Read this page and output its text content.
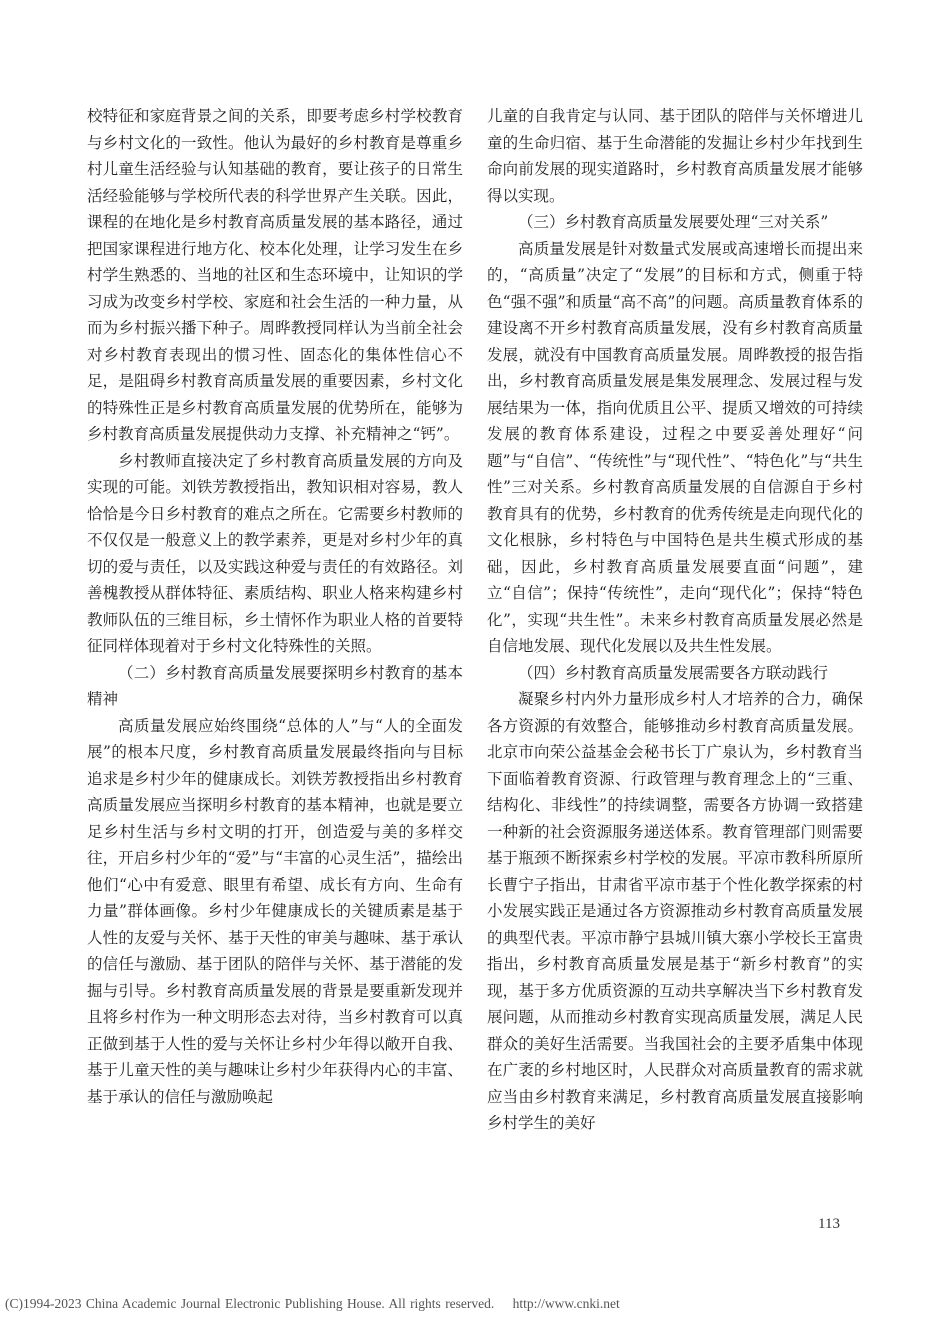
校特征和家庭背景之间的关系，即要考虑乡村学校教育与乡村文化的一致性。他认为最好的乡村教育是尊重乡村儿童生活经验与认知基础的教育，要让孩子的日常生活经验能够与学校所代表的科学世界产生关联。因此，课程的在地化是乡村教育高质量发展的基本路径，通过把国家课程进行地方化、校本化处理，让学习发生在乡村学生熟悉的、当地的社区和生态环境中，让知识的学习成为改变乡村学校、家庭和社会生活的一种力量，从而为乡村振兴播下种子。周晔教授同样认为当前全社会对乡村教育表现出的惯习性、固态化的集体性信心不足，是阻碍乡村教育高质量发展的重要因素，乡村文化的特殊性正是乡村教育高质量发展的优势所在，能够为乡村教育高质量发展提供动力支撑、补充精神之“钙”。

乡村教师直接决定了乡村教育高质量发展的方向及实现的可能。刘铁芳教授指出，教知识相对容易，教人恰恰是今日乡村教育的难点之所在。它需要乡村教师的不仅仅是一般意义上的教学素养，更是对乡村少年的真切的爱与责任，以及实践这种爱与责任的有效路径。刘善槐教授从群体特征、素质结构、职业人格来构建乡村教师队伍的三维目标，乡土情怀作为职业人格的首要特征同样体现着对于乡村文化特殊性的关照。

（二）乡村教育高质量发展要探明乡村教育的基本精神

高质量发展应始终围绕“总体的人”与“人的全面发展”的根本尺度，乡村教育高质量发展最终指向与目标追求是乡村少年的健康成长。刘铁芳教授指出乡村教育高质量发展应当探明乡村教育的基本精神，也就是要立足乡村生活与乡村文明的打开，创造爱与美的多样交往，开启乡村少年的“爱”与“丰富的心灵生活”，描绘出他们“心中有爱意、眼里有希望、成长有方向、生命有力量”群体画像。乡村少年健康成长的关键质素是基于人性的友爱与关怀、基于天性的审美与趣味、基于承认的信任与激励、基于团队的陪伴与关怀、基于潜能的发掘与引导。乡村教育高质量发展的背景是要重新发现并且将乡村作为一种文明形态去对待，当乡村教育可以真正做到基于人性的爱与关怀让乡村少年得以敞开自我、基于儿童天性的美与趣味让乡村少年获得内心的丰富、基于承认的信任与激励唤起

儿童的自我肯定与认同、基于团队的陪伴与关怀增进儿童的生命归宿、基于生命潜能的发掘让乡村少年找到生命向前发展的现实道路时，乡村教育高质量发展才能够得以实现。

（三）乡村教育高质量发展要处理“三对关系”

高质量发展是针对数量式发展或高速增长而提出来的，“高质量”决定了“发展”的目标和方式，侧重于特色“强不强”和质量“高不高”的问题。高质量教育体系的建设离不开乡村教育高质量发展，没有乡村教育高质量发展，就没有中国教育高质量发展。周晔教授的报告指出，乡村教育高质量发展是集发展理念、发展过程与发展结果为一体，指向优质且公平、提质又增效的可持续发展的教育体系建设，过程之中要妥善处理好“问题”与“自信”、“传统性”与“现代性”、“特色化”与“共生性”三对关系。乡村教育高质量发展的自信源自于乡村教育具有的优势，乡村教育的优秀传统是走向现代化的文化根脉，乡村特色与中国特色是共生模式形成的基础，因此，乡村教育高质量发展要直面“问题”，建立“自信”；保持“传统性”，走向“现代化”；保持“特色化”，实现“共生性”。未来乡村教育高质量发展必然是自信地发展、现代化发展以及共生性发展。

（四）乡村教育高质量发展需要各方联动践行

凝聚乡村内外力量形成乡村人才培养的合力，确保各方资源的有效整合，能够推动乡村教育高质量发展。北京市向荣公益基金会秘书长丁广泉认为，乡村教育当下面临着教育资源、行政管理与教育理念上的“三重、结构化、非线性”的持续调整，需要各方协调一致搭建一种新的社会资源服务递送体系。教育管理部门则需要基于瓶颈不断探索乡村学校的发展。平凉市教科所原所长曹宁子指出，甘肃省平凉市基于个性化教学探索的村小发展实践正是通过各方资源推动乡村教育高质量发展的典型代表。平凉市静宁县城川镇大寨小学校长王富贵指出，乡村教育高质量发展是基于“新乡村教育”的实现，基于多方优质资源的互动共享解决当下乡村教育发展问题，从而推动乡村教育实现高质量发展，满足人民群众的美好生活需要。当我国社会的主要矛盾集中体现在广袤的乡村地区时，人民群众对高质量教育的需求就应当由乡村教育来满足，乡村教育高质量发展直接影响乡村学生的美好

113
(C)1994-2023 China Academic Journal Electronic Publishing House. All rights reserved. http://www.cnki.net
